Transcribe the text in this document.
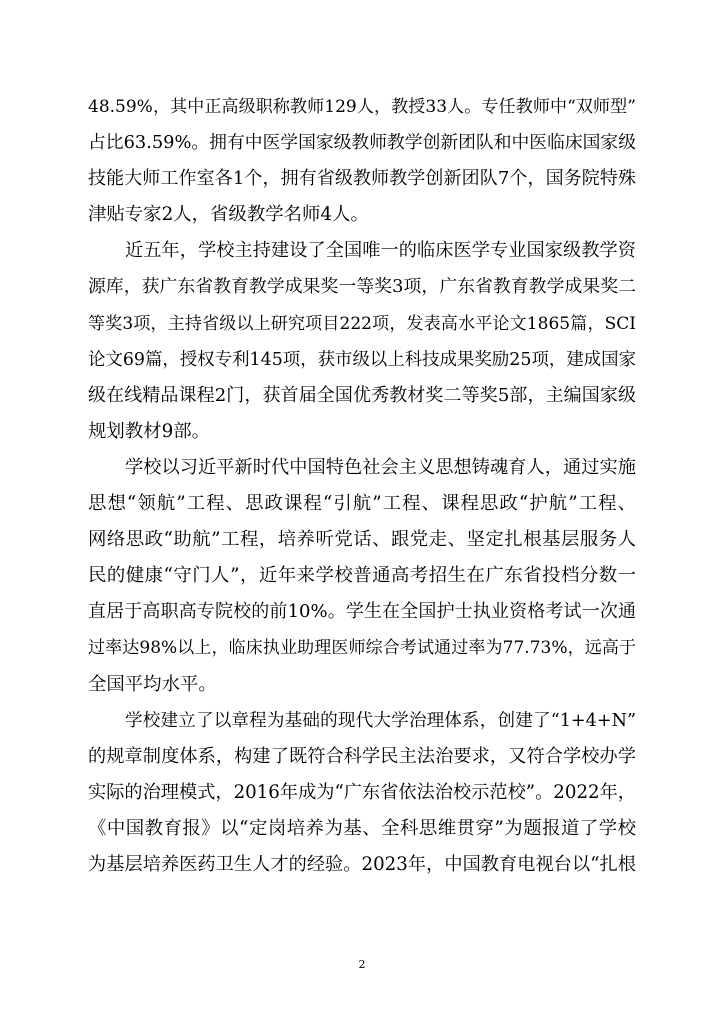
48.59%，其中正高级职称教师129人，教授33人。专任教师中“双师型”
占比63.59%。拥有中医学国家级教师教学创新团队和中医临床国家级
技能大师工作室各1个，拥有省级教师教学创新团队7个，国务院特殊
津贴专家2人，省级教学名师4人。

近五年，学校主持建设了全国唯一的临床医学专业国家级教学资
源库，获广东省教育教学成果奖一等奖3项，广东省教育教学成果奖二
等奖3项，主持省级以上研究项目222项，发表高水平论文1865篇，SCI
论文69篇，授权专利145项，获市级以上科技成果奖励25项，建成国家
级在线精品课程2门，获首届全国优秀教材奖二等奖5部，主编国家级
规划教材9部。

学校以习近平新时代中国特色社会主义思想铸魂育人，通过实施
思想“领航”工程、思政课程“引航”工程、课程思政“护航”工程、
网络思政“助航”工程，培养听党话、跟党走、坚定扎根基层服务人
民的健康“守门人”，近年来学校普通高考招生在广东省投档分数一
直居于高职高专院校的前10%。学生在全国护士执业资格考试一次通
过率达98%以上，临床执业助理医师综合考试通过率为77.73%，远高于
全国平均水平。

学校建立了以章程为基础的现代大学治理体系，创建了“1+4+N”
的规章制度体系，构建了既符合科学民主法治要求，又符合学校办学
实际的治理模式，2016年成为“广东省依法治校示范校”。2022年，
《中国教育报》以“定岗培养为基、全科思维贯穿”为题报道了学校
为基层培养医药卫生人才的经验。2023年，中国教育电视台以“扎根

2
